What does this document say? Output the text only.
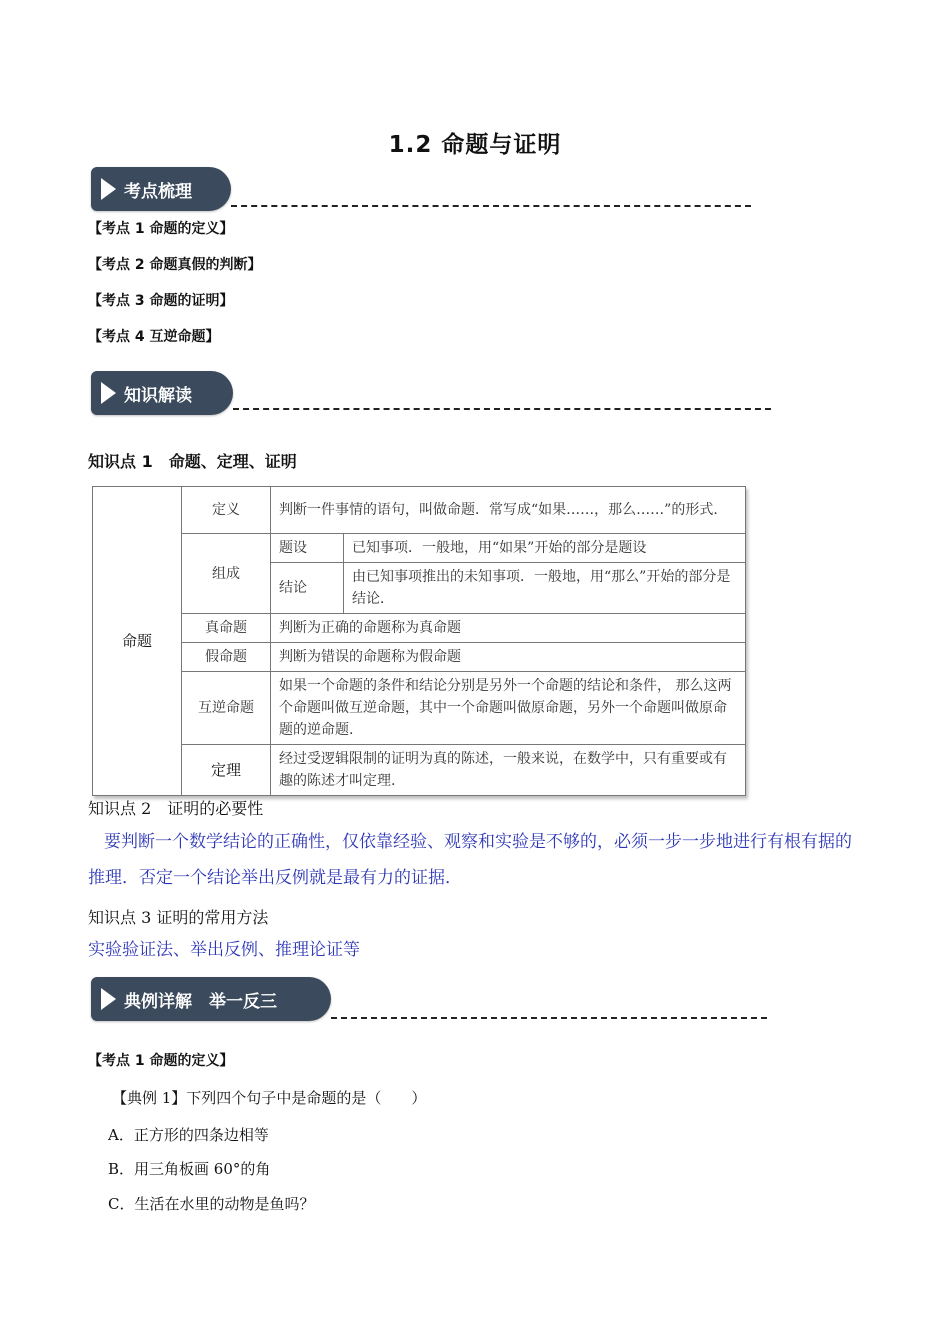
1.2 命题与证明
考点梳理
【考点 1 命题的定义】
【考点 2 命题真假的判断】
【考点 3 命题的证明】
【考点 4 互逆命题】
知识解读
知识点 1　命题、定理、证明
命题	定义	判断一件事情的语句，叫做命题．常写成“如果……，那么……”的形式.	
	组成	题设	已知事项．一般地，用“如果”开始的部分是题设
		结论	由已知事项推出的未知事项．一般地，用“那么”开始的部分是结论．
	真命题	判断为正确的命题称为真命题	
	假命题	判断为错误的命题称为假命题	
	互逆命题	如果一个命题的条件和结论分别是另外一个命题的结论和条件， 那么这两个命题叫做互逆命题，其中一个命题叫做原命题，另外一个命题叫做原命题的逆命题.	
	定理	经过受逻辑限制的证明为真的陈述，一般来说，在数学中，只有重要或有趣的陈述才叫定理.	
知识点 2　证明的必要性
要判断一个数学结论的正确性，仅依靠经验、观察和实验是不够的，必须一步一步地进行有根有据的推理．否定一个结论举出反例就是最有力的证据．
知识点 3 证明的常用方法
实验验证法、举出反例、推理论证等
典例详解　举一反三
【考点 1 命题的定义】
【典例 1】下列四个句子中是命题的是（　　）
A．正方形的四条边相等
B．用三角板画 60°的角
C．生活在水里的动物是鱼吗？
